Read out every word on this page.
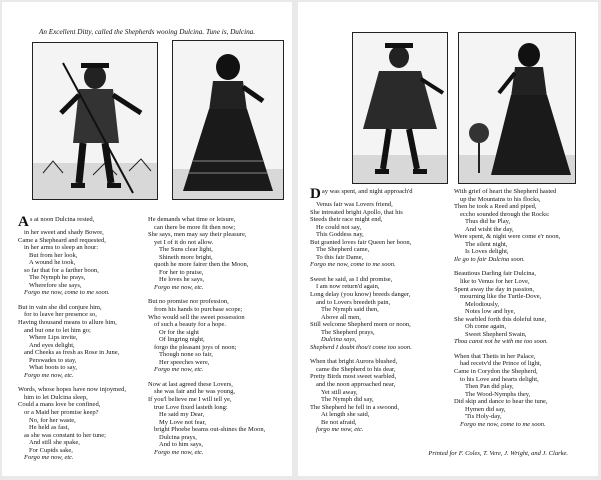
An Excellent Ditty, called the Shepherds wooing Dulcina. Tune is, Dulcina.
As at noon Dulcina rested,
in her sweet and shady Bowre,
Came a Shepheard and requested,
in her arms to sleep an hour:
But from her look,
A wound he took,
so far that for a farther boon,
The Nymph he prays,
Wherefore she says,
Forgo me now, come to me soon.
But in vain she did conjure him,
for to leave her presence so,
Having thousand means to allure him,
and but one to let him go;
Where Lips invite,
And eyes delight,
and Cheeks as fresh as Rose in June,
Perswades to stay,
What boots to say,
Forgo me now, etc.
Words, whose hopes have now injoymed,
him to let Dulcina sleep,
Could a mans love be confined,
or a Maid her promise keep?
No, for her waste,
He held as fast,
as she was constant to her tune;
And still she spake,
For Cupids sake,
Forgo me now, etc.
He demands what time or leisure,
can there be more fit then now;
She says, men may say their pleasure,
yet I of it do not allow.
The Suns clear light,
Shineth more bright,
quoth he more fairer then the Moon,
For her to praise,
He loves he says,
Forgo me now, etc.
But no promise nor profession,
from his hands to purchase scope;
Who would sell the sweet possession
of such a beauty for a hope.
Or for the sight
Of lingring night,
forgo the pleasant joys of noon;
Though none so fair,
Her speeches were,
Forgo me now, etc.
Now at last agreed these Lovers,
she was fair and he was young,
If you'l believe me I will tell ye,
true Love fixed lasteth long:
He said my Dear,
My Love not fear,
bright Phoebe beams out-shines the Moon,
Dulcina prays,
And to him says,
Forgo me now, etc.
Day was spent, and night approach'd
Venus fair was Lovers friend,
She intreated bright Apollo, that his
Steeds their race might end,
He could not say,
This Goddess nay,
But granted loves fair Queen her boon,
The Shepherd came,
To this fair Dame,
Forgo me now, come to me soon.
Sweet he said, as I did promise,
I am now return'd again,
Long delay (you know) breeds danger,
and to Lovers breedeth pain,
The Nymph said then,
Above all men,
Still welcome Shepherd morn or noon,
The Shepherd prays,
Dulcina says,
Shepherd I doubt thou't come too soon.
When that bright Aurora blushed,
came the Shepherd to his dear,
Pretty Birds most sweet warbled,
and the noon approached near,
Yet still away,
The Nymph did say,
The Shepherd he fell in a swoond,
At length she said,
Be not afraid,
forgo me now, etc.
With grief of heart the Shepherd hasted
up the Mountains to his flocks,
Then he took a Reed and piped,
eccho sounded through the Rocks:
Thus did he Play,
And wisht the day,
Were spent, & night were come e'r noon,
The silent night,
Is Loves delight,
Ile go to fair Dulcina soon.
Beautious Darling fair Dulcina,
like to Venus for her Love,
Spent away the day in passion,
mourning like the Turtle-Dove,
Melodiously,
Notes low and hye,
She warbled forth this doleful tune,
Oh come again,
Sweet Shepherd Swain,
Thou canst not be with me too soon.
When that Thetis in her Palace,
had receiv'd the Prince of light,
Came in Corydon the Shepherd,
to his Love and hearts delight,
Then Pan did play,
The Wood-Nymphs they,
Did skip and dance to hear the tune,
Hymen did say,
'Tis Holy-day,
Forgo me now, come to me soon.
Printed for F. Coles, T. Vere, J. Wright, and J. Clarke.
